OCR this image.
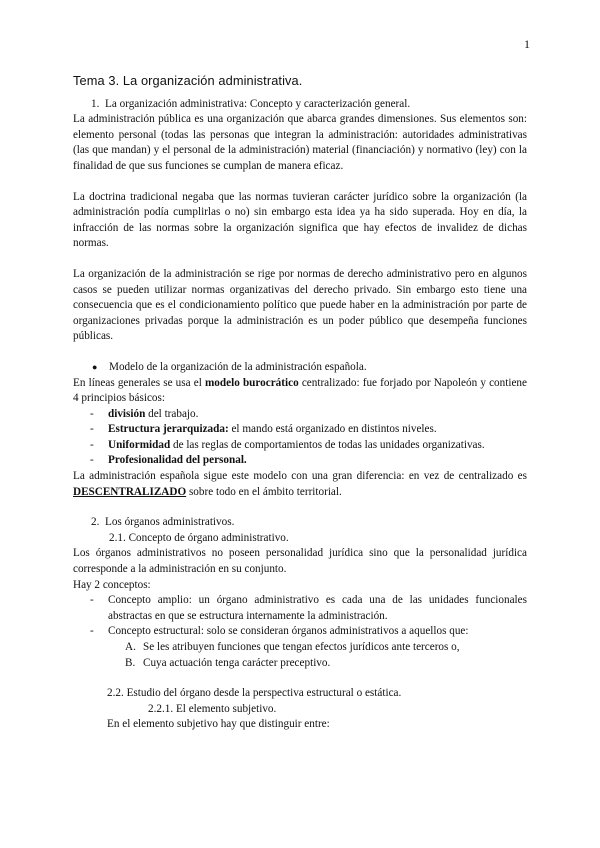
1
Tema 3. La organización administrativa.

1. La organización administrativa: Concepto y caracterización general.

La administración pública es una organización que abarca grandes dimensiones. Sus elementos son: elemento personal (todas las personas que integran la administración: autoridades administrativas (las que mandan) y el personal de la administración) material (financiación) y normativo (ley) con la finalidad de que sus funciones se cumplan de manera eficaz.

La doctrina tradicional negaba que las normas tuvieran carácter jurídico sobre la organización (la administración podía cumplirlas o no) sin embargo esta idea ya ha sido superada. Hoy en día, la infracción de las normas sobre la organización significa que hay efectos de invalidez de dichas normas.

La organización de la administración se rige por normas de derecho administrativo pero en algunos casos se pueden utilizar normas organizativas del derecho privado. Sin embargo esto tiene una consecuencia que es el condicionamiento político que puede haber en la administración por parte de organizaciones privadas porque la administración es un poder público que desempeña funciones públicas.

● Modelo de la organización de la administración española.

En líneas generales se usa el modelo burocrático centralizado: fue forjado por Napoleón y contiene 4 principios básicos:

- división del trabajo.

- Estructura jerarquizada: el mando está organizado en distintos niveles.

- Uniformidad de las reglas de comportamientos de todas las unidades organizativas.

- Profesionalidad del personal.

La administración española sigue este modelo con una gran diferencia: en vez de centralizado es DESCENTRALIZADO sobre todo en el ámbito territorial.

2. Los órganos administrativos.

2.1. Concepto de órgano administrativo.

Los órganos administrativos no poseen personalidad jurídica sino que la personalidad jurídica corresponde a la administración en su conjunto.

Hay 2 conceptos:

- Concepto amplio: un órgano administrativo es cada una de las unidades funcionales abstractas en que se estructura internamente la administración.

- Concepto estructural: solo se consideran órganos administrativos a aquellos que:

A. Se les atribuyen funciones que tengan efectos jurídicos ante terceros o,

B. Cuya actuación tenga carácter preceptivo.

2.2. Estudio del órgano desde la perspectiva estructural o estática.

2.2.1. El elemento subjetivo.

En el elemento subjetivo hay que distinguir entre:
